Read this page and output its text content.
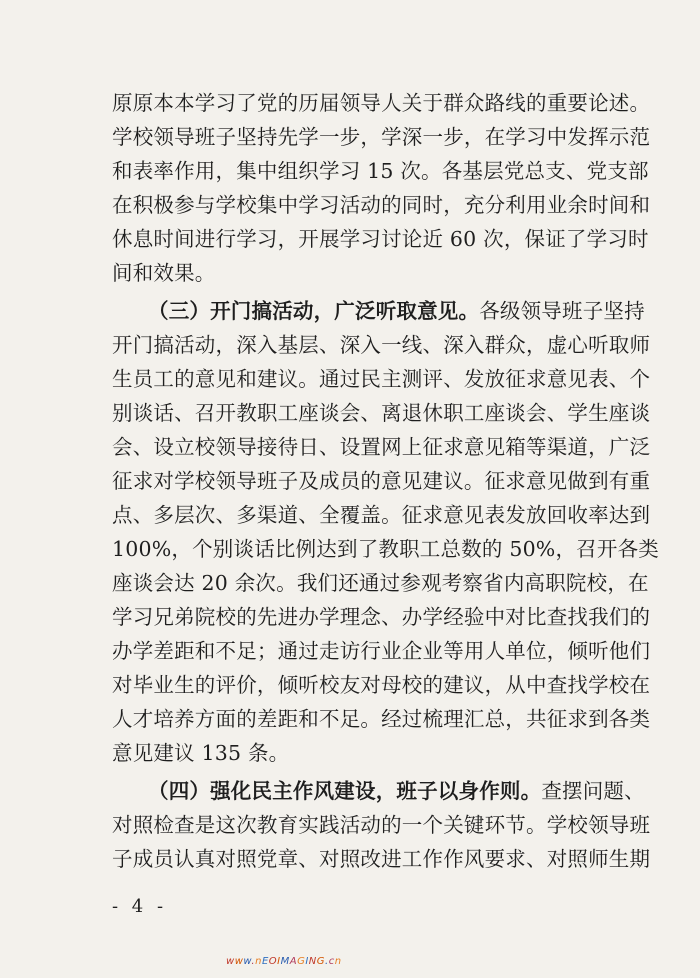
原原本本学习了党的历届领导人关于群众路线的重要论述。
学校领导班子坚持先学一步，学深一步，在学习中发挥示范
和表率作用，集中组织学习 15 次。各基层党总支、党支部
在积极参与学校集中学习活动的同时，充分利用业余时间和
休息时间进行学习，开展学习讨论近 60 次，保证了学习时
间和效果。
（三）开门搞活动，广泛听取意见。各级领导班子坚持
开门搞活动，深入基层、深入一线、深入群众，虚心听取师
生员工的意见和建议。通过民主测评、发放征求意见表、个
别谈话、召开教职工座谈会、离退休职工座谈会、学生座谈
会、设立校领导接待日、设置网上征求意见箱等渠道，广泛
征求对学校领导班子及成员的意见建议。征求意见做到有重
点、多层次、多渠道、全覆盖。征求意见表发放回收率达到
100%，个别谈话比例达到了教职工总数的 50%，召开各类
座谈会达 20 余次。我们还通过参观考察省内高职院校，在
学习兄弟院校的先进办学理念、办学经验中对比查找我们的
办学差距和不足；通过走访行业企业等用人单位，倾听他们
对毕业生的评价，倾听校友对母校的建议，从中查找学校在
人才培养方面的差距和不足。经过梳理汇总，共征求到各类
意见建议 135 条。
（四）强化民主作风建设，班子以身作则。查摆问题、
对照检查是这次教育实践活动的一个关键环节。学校领导班
子成员认真对照党章、对照改进工作作风要求、对照师生期
- 4 -
www.nEOIMAGING.cn
